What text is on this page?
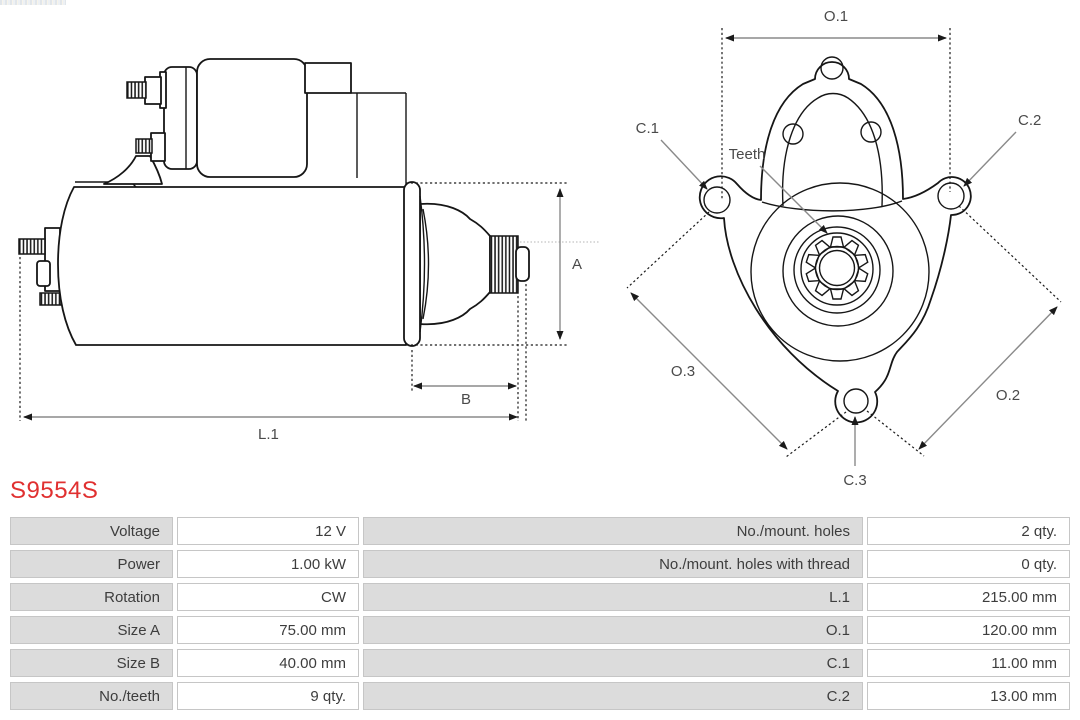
A
B
L.1
O.1
C.1	C.2
Teeth
O.3
O.2
C.3
S9554S
Voltage	12 V	No./mount. holes	2 qty.
Power	1.00 kW	No./mount. holes with thread	0 qty.
Rotation	CW	L.1	215.00 mm
Size A	75.00 mm	O.1	120.00 mm
Size B	40.00 mm	C.1	11.00 mm
No./teeth	9 qty.	C.2	13.00 mm
